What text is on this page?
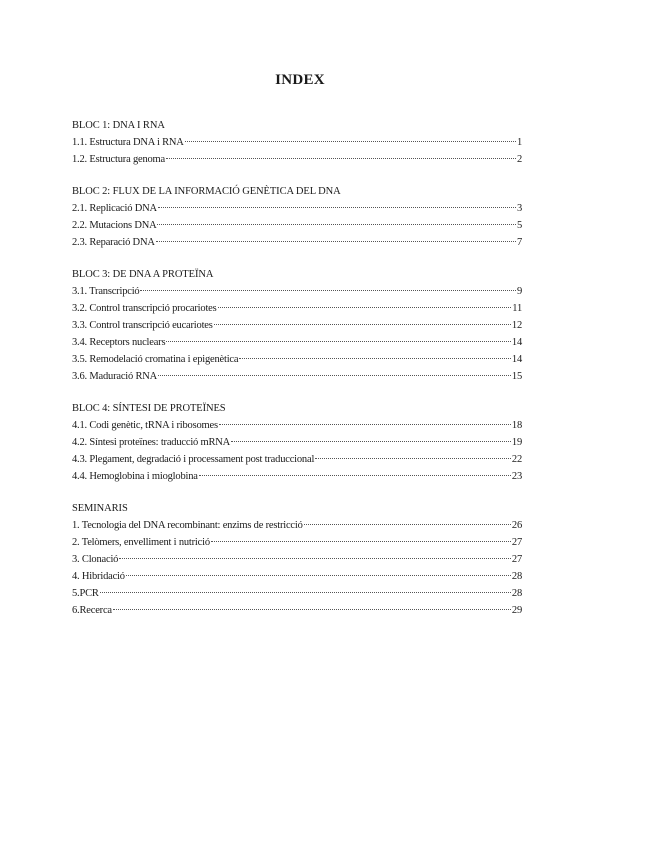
INDEX
BLOC 1: DNA I RNA
1.1. Estructura DNA i RNA	1
1.2. Estructura genoma	2
BLOC 2: FLUX DE LA INFORMACIÓ GENÈTICA DEL DNA
2.1. Replicació DNA	3
2.2. Mutacions DNA	5
2.3. Reparació DNA	7
BLOC 3: DE DNA A PROTEÏNA
3.1. Transcripció	9
3.2. Control transcripció procariotes	11
3.3. Control transcripció eucariotes	12
3.4. Receptors nuclears	14
3.5. Remodelació cromatina i epigenètica	14
3.6. Maduració RNA	15
BLOC 4: SÍNTESI DE PROTEÏNES
4.1. Codi genètic, tRNA i ribosomes	18
4.2. Síntesi proteïnes: traducció mRNA	19
4.3. Plegament, degradació i processament post traduccional	22
4.4. Hemoglobina i mioglobina	23
SEMINARIS
1. Tecnologia del DNA recombinant: enzims de restricció	26
2. Telòmers, envelliment i nutrició	27
3. Clonació	27
4. Hibridació	28
5.PCR	28
6.Recerca	29
